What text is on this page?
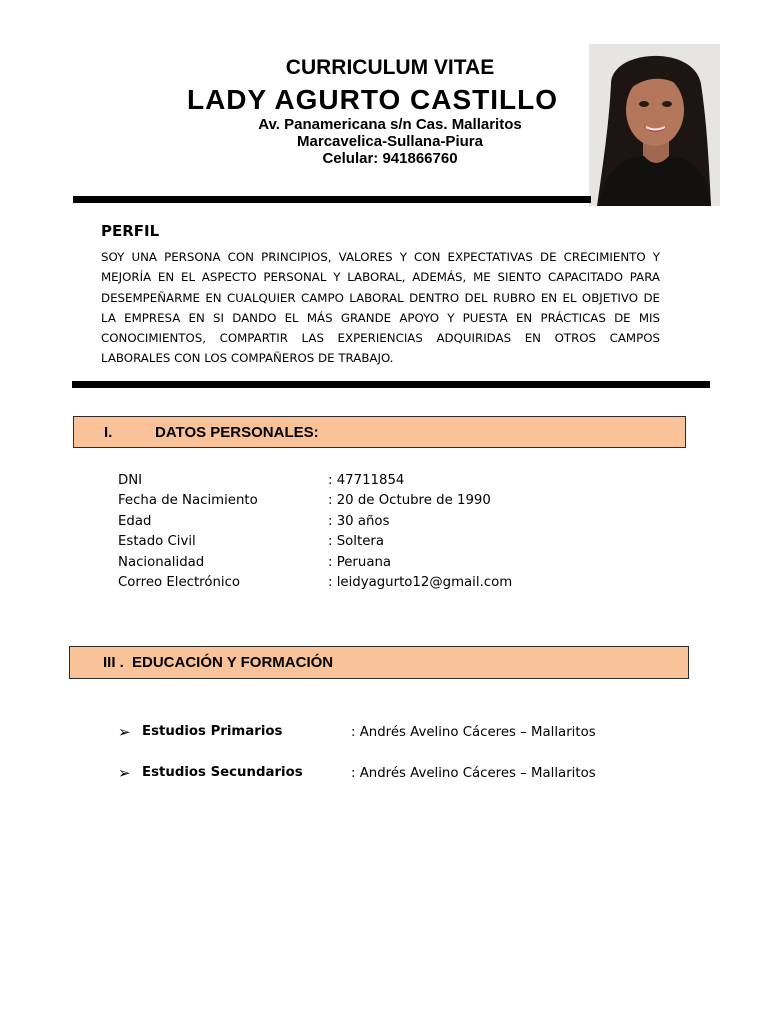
CURRICULUM VITAE
LADY AGURTO CASTILLO
Av. Panamericana s/n Cas. Mallaritos
Marcavelica-Sullana-Piura
Celular: 941866760
PERFIL
SOY UNA PERSONA CON PRINCIPIOS, VALORES Y CON EXPECTATIVAS DE CRECIMIENTO Y MEJORÍA EN EL ASPECTO PERSONAL Y LABORAL, ADEMÁS, ME SIENTO CAPACITADO PARA DESEMPEÑARME EN CUALQUIER CAMPO LABORAL DENTRO DEL RUBRO EN EL OBJETIVO DE LA EMPRESA EN SI DANDO EL MÁS GRANDE APOYO Y PUESTA EN PRÁCTICAS DE MIS CONOCIMIENTOS, COMPARTIR LAS EXPERIENCIAS ADQUIRIDAS EN OTROS CAMPOS LABORALES CON LOS COMPAÑEROS DE TRABAJO.
I.	DATOS PERSONALES:
DNI	: 47711854
Fecha de Nacimiento	: 20 de Octubre de 1990
Edad	: 30 años
Estado Civil	: Soltera
Nacionalidad	: Peruana
Correo Electrónico	: leidyagurto12@gmail.com
III . EDUCACIÓN Y FORMACIÓN
➢ Estudios Primarios	: Andrés Avelino Cáceres – Mallaritos
➢ Estudios Secundarios	: Andrés Avelino Cáceres – Mallaritos
